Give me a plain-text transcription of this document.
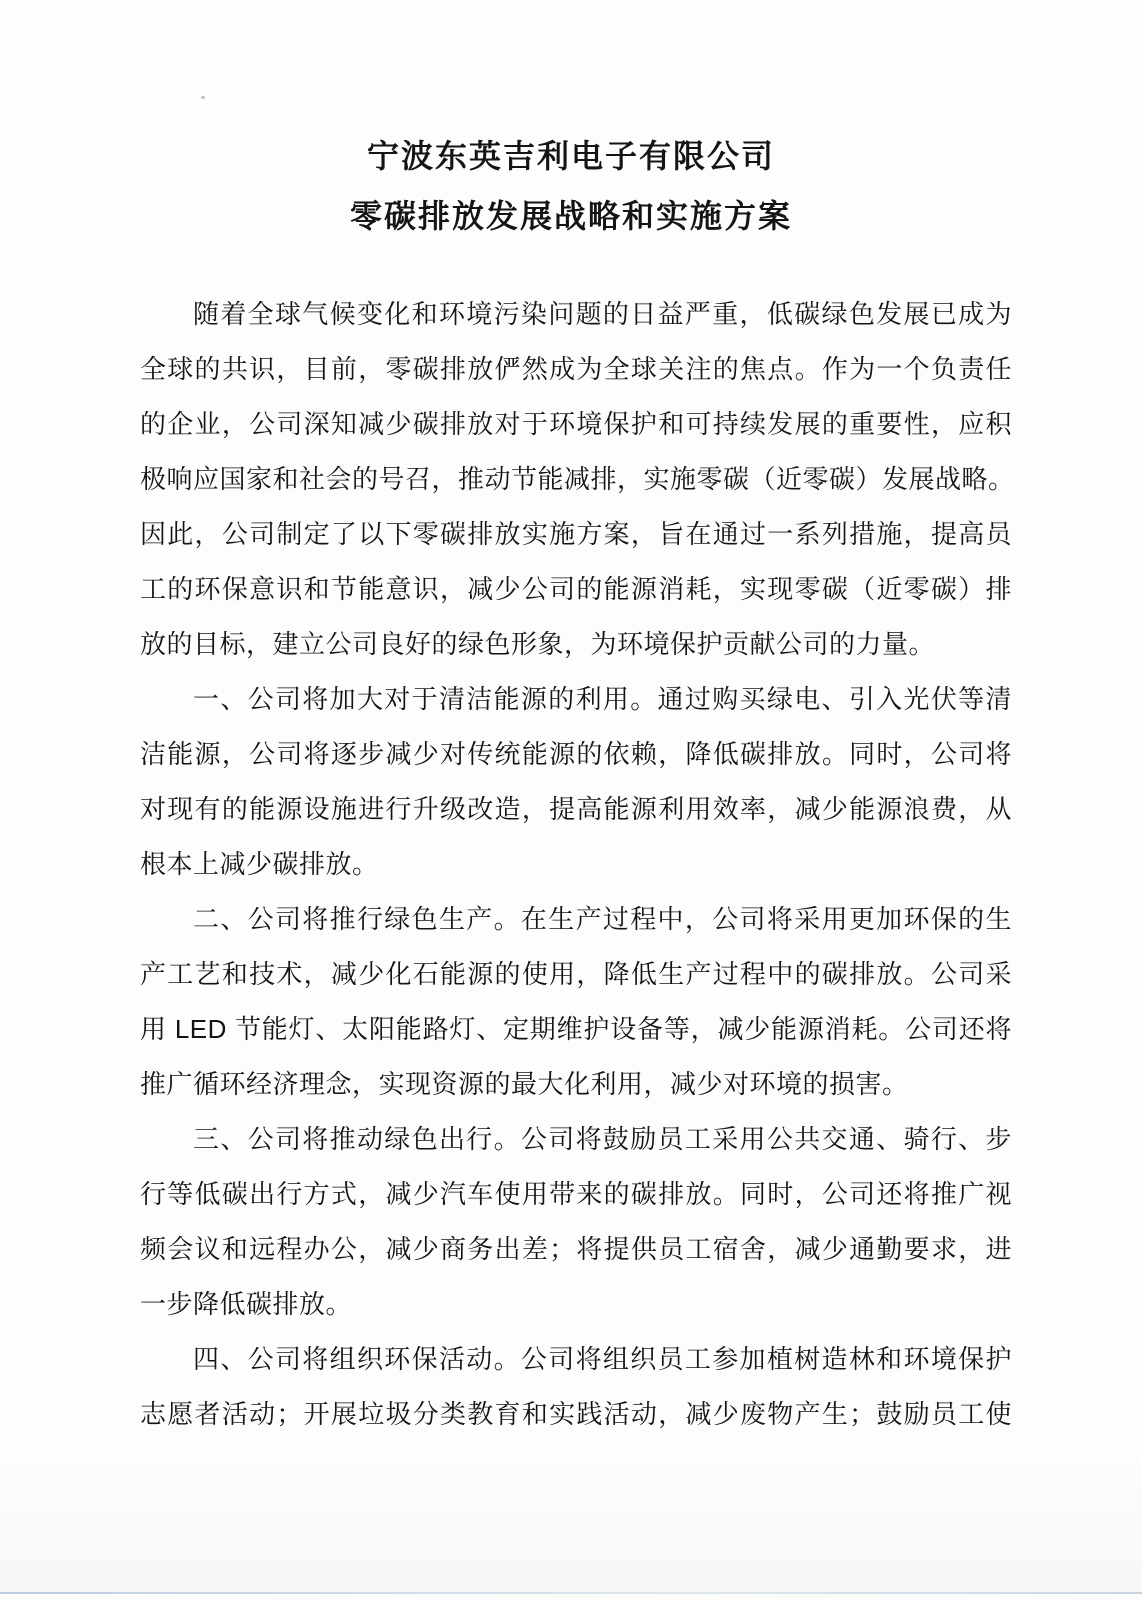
宁波东英吉利电子有限公司
零碳排放发展战略和实施方案
随着全球气候变化和环境污染问题的日益严重，低碳绿色发展已成为
全球的共识，目前，零碳排放俨然成为全球关注的焦点。作为一个负责任
的企业，公司深知减少碳排放对于环境保护和可持续发展的重要性，应积
极响应国家和社会的号召，推动节能减排，实施零碳（近零碳）发展战略。
因此，公司制定了以下零碳排放实施方案，旨在通过一系列措施，提高员
工的环保意识和节能意识，减少公司的能源消耗，实现零碳（近零碳）排
放的目标，建立公司良好的绿色形象，为环境保护贡献公司的力量。
一、公司将加大对于清洁能源的利用。通过购买绿电、引入光伏等清
洁能源，公司将逐步减少对传统能源的依赖，降低碳排放。同时，公司将
对现有的能源设施进行升级改造，提高能源利用效率，减少能源浪费，从
根本上减少碳排放。
二、公司将推行绿色生产。在生产过程中，公司将采用更加环保的生
产工艺和技术，减少化石能源的使用，降低生产过程中的碳排放。公司采
用 LED 节能灯、太阳能路灯、定期维护设备等，减少能源消耗。公司还将
推广循环经济理念，实现资源的最大化利用，减少对环境的损害。
三、公司将推动绿色出行。公司将鼓励员工采用公共交通、骑行、步
行等低碳出行方式，减少汽车使用带来的碳排放。同时，公司还将推广视
频会议和远程办公，减少商务出差；将提供员工宿舍，减少通勤要求，进
一步降低碳排放。
四、公司将组织环保活动。公司将组织员工参加植树造林和环境保护
志愿者活动；开展垃圾分类教育和实践活动，减少废物产生；鼓励员工使
